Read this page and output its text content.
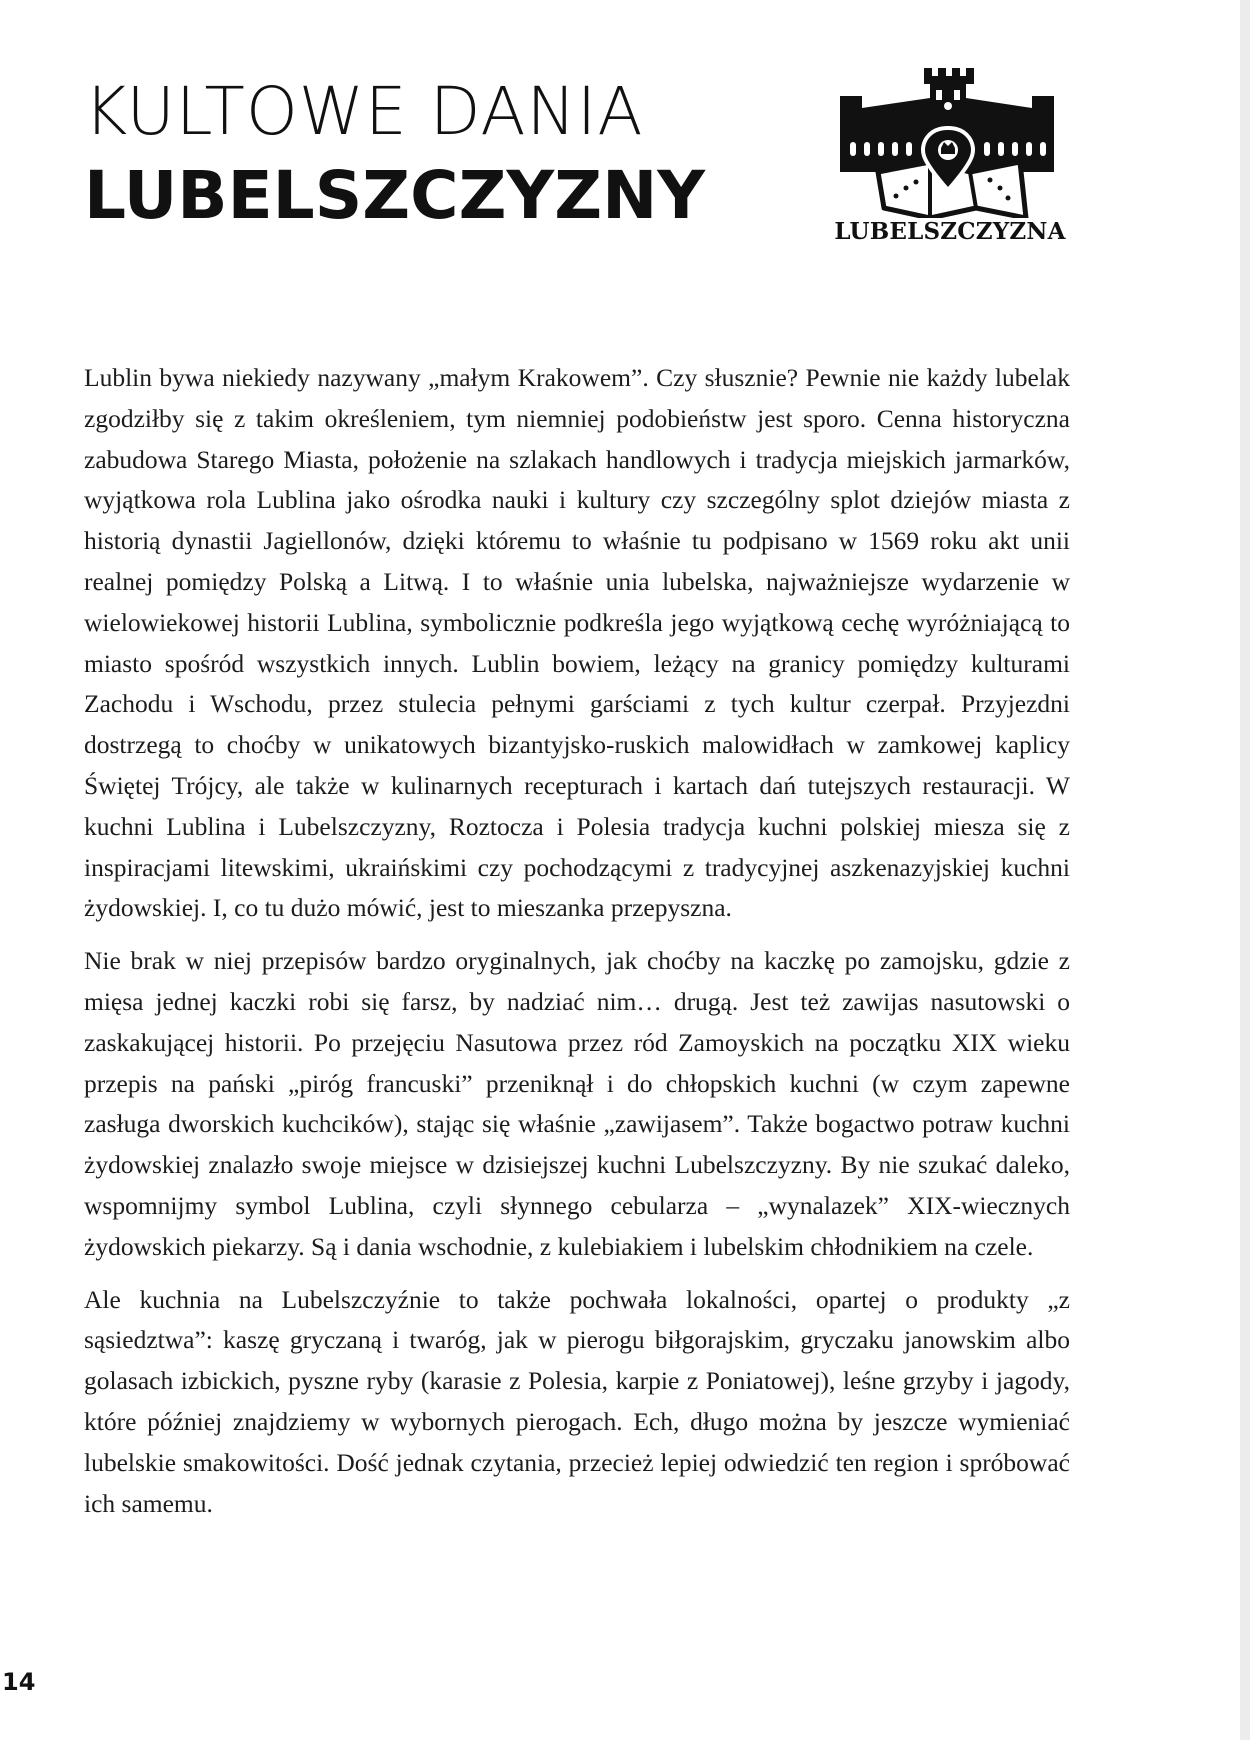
KULTOWE DANIA
LUBELSZCZYZNY	LUBELSZCZYZNA

Lublin bywa niekiedy nazywany „małym Krakowem”. Czy słusznie? Pewnie nie każdy lubelak zgodziłby się z takim określeniem, tym niemniej podobieństw jest sporo. Cenna historyczna zabudowa Starego Miasta, położenie na szlakach handlowych i tradycja miejskich jarmarków, wyjątkowa rola Lublina jako ośrodka nauki i kultury czy szczególny splot dziejów miasta z historią dynastii Jagiellonów, dzięki któremu to właśnie tu podpisano w 1569 roku akt unii realnej pomiędzy Polską a Litwą. I to właśnie unia lubelska, najważniejsze wydarzenie w wielowiekowej historii Lublina, symbolicznie podkreśla jego wyjątkową cechę wyróżniającą to miasto spośród wszystkich innych. Lublin bowiem, leżący na granicy pomiędzy kulturami Zachodu i Wschodu, przez stulecia pełnymi garściami z tych kultur czerpał. Przyjezdni dostrzegą to choćby w unikatowych bizantyjsko-ruskich malowidłach w zamkowej kaplicy Świętej Trójcy, ale także w kulinarnych recepturach i kartach dań tutejszych restauracji. W kuchni Lublina i Lubelszczyzny, Roztocza i Polesia tradycja kuchni polskiej miesza się z inspiracjami litewskimi, ukraińskimi czy pochodzącymi z tradycyjnej aszkenazyjskiej kuchni żydowskiej. I, co tu dużo mówić, jest to mieszanka przepyszna.

Nie brak w niej przepisów bardzo oryginalnych, jak choćby na kaczkę po zamojsku, gdzie z mięsa jednej kaczki robi się farsz, by nadziać nim… drugą. Jest też zawijas nasutowski o zaskakującej historii. Po przejęciu Nasutowa przez ród Zamoyskich na początku XIX wieku przepis na pański „piróg francuski” przeniknął i do chłopskich kuchni (w czym zapewne zasługa dworskich kuchcików), stając się właśnie „zawijasem”. Także bogactwo potraw kuchni żydowskiej znalazło swoje miejsce w dzisiejszej kuchni Lubelszczyzny. By nie szukać daleko, wspomnijmy symbol Lublina, czyli słynnego cebularza – „wynalazek” XIX-wiecznych żydowskich piekarzy. Są i dania wschodnie, z kulebiakiem i lubelskim chłodnikiem na czele.

Ale kuchnia na Lubelszczyźnie to także pochwała lokalności, opartej o produkty „z sąsiedztwa”: kaszę gryczaną i twaróg, jak w pierogu biłgorajskim, gryczaku janowskim albo golasach izbickich, pyszne ryby (karasie z Polesia, karpie z Poniatowej), leśne grzyby i jagody, które później znajdziemy w wybornych pierogach. Ech, długo można by jeszcze wymieniać lubelskie smakowitości. Dość jednak czytania, przecież lepiej odwiedzić ten region i spróbować ich samemu.

14
